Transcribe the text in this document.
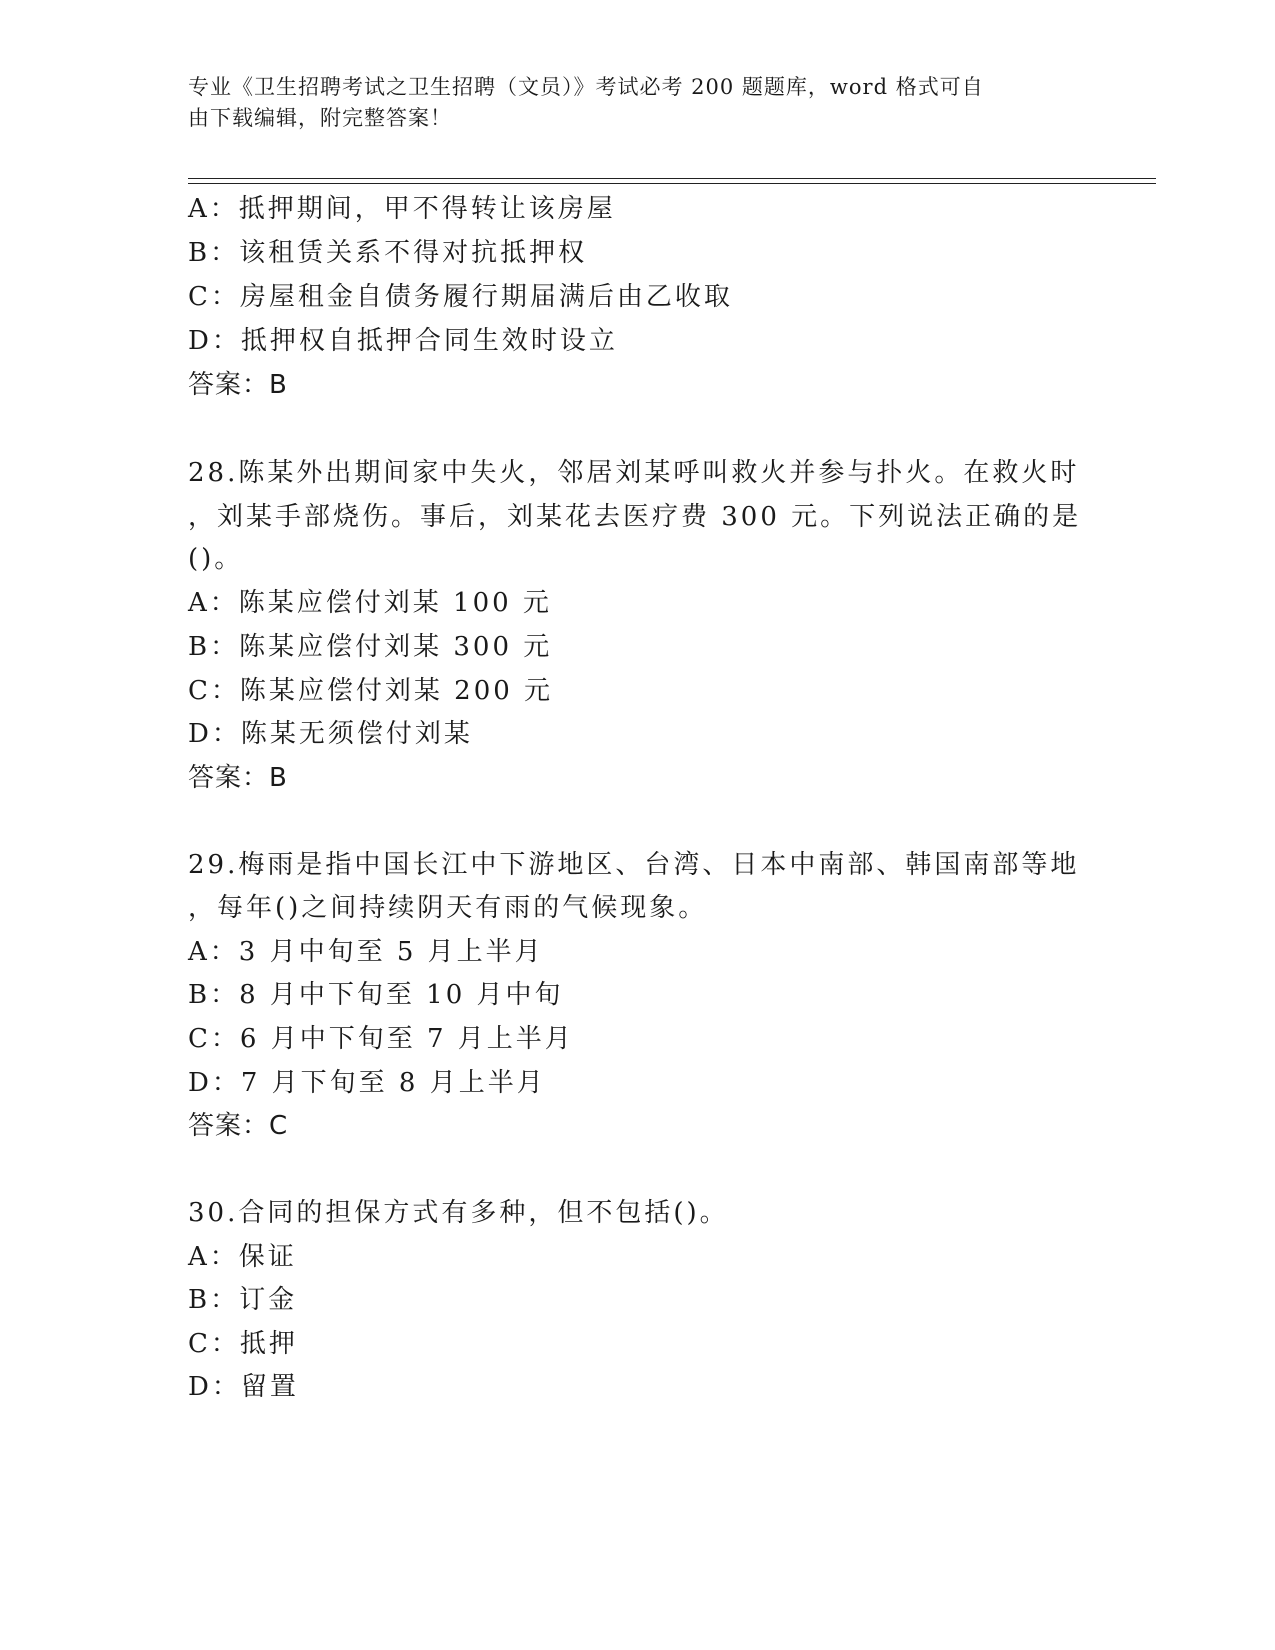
专业《卫生招聘考试之卫生招聘（文员）》考试必考 200 题题库，word 格式可自
由下载编辑，附完整答案！
A：抵押期间，甲不得转让该房屋
B：该租赁关系不得对抗抵押权
C：房屋租金自债务履行期届满后由乙收取
D：抵押权自抵押合同生效时设立
答案：B
28.陈某外出期间家中失火，邻居刘某呼叫救火并参与扑火。在救火时
，刘某手部烧伤。事后，刘某花去医疗费 300 元。下列说法正确的是
()。
A：陈某应偿付刘某 100 元
B：陈某应偿付刘某 300 元
C：陈某应偿付刘某 200 元
D：陈某无须偿付刘某
答案：B
29.梅雨是指中国长江中下游地区、台湾、日本中南部、韩国南部等地
，每年()之间持续阴天有雨的气候现象。
A：3 月中旬至 5 月上半月
B：8 月中下旬至 10 月中旬
C：6 月中下旬至 7 月上半月
D：7 月下旬至 8 月上半月
答案：C
30.合同的担保方式有多种，但不包括()。
A：保证
B：订金
C：抵押
D：留置
